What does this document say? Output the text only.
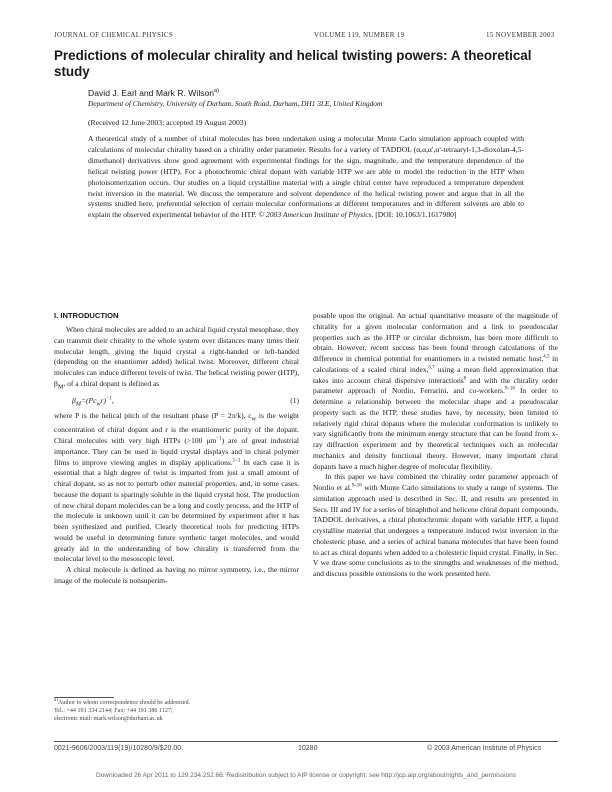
JOURNAL OF CHEMICAL PHYSICS	VOLUME 119, NUMBER 19	15 NOVEMBER 2003
Predictions of molecular chirality and helical twisting powers: A theoretical study
David J. Earl and Mark R. Wilson$^{a)}$
Department of Chemistry, University of Durham, South Road, Durham, DH1 3LE, United Kingdom
(Received 12 June 2003; accepted 19 August 2003)
A theoretical study of a number of chiral molecules has been undertaken using a molecular Monte Carlo simulation approach coupled with calculations of molecular chirality based on a chirality order parameter. Results for a variety of TADDOL (α,α,α′,α′-tetraaryl-1,3-dioxolan-4,5-dimethanol) derivatives show good agreement with experimental findings for the sign, magnitude, and the temperature dependence of the helical twisting power (HTP). For a photochromic chiral dopant with variable HTP we are able to model the reduction in the HTP when photoisomerization occurs. Our studies on a liquid crystalline material with a single chiral center have reproduced a temperature dependent twist inversion in the material. We discuss the temperature and solvent dependence of the helical twisting power and argue that in all the systems studied here, preferential selection of certain molecular conformations at different temperatures and in different solvents are able to explain the observed experimental behavior of the HTP. © 2003 American Institute of Physics. [DOI: 10.1063/1.1617980]
I. INTRODUCTION

When chiral molecules are added to an achiral liquid crystal mesophase, they can transmit their chirality to the whole system over distances many times their molecular length, giving the liquid crystal a right-handed or left-handed (depending on the enantiomer added) helical twist. Moreover, different chiral molecules can induce different levels of twist. The helical twisting power (HTP), $\beta_M$, of a chiral dopant is defined as

$\beta_M=(Pc_wr)^{-1}$,	(1)

where P is the helical pitch of the resultant phase (P = 2π/k), $c_w$ is the weight concentration of chiral dopant and r is the enantiomeric purity of the dopant. Chiral molecules with very high HTPs (>100 $\mu m^{-1}$) are of great industrial importance. They can be used in liquid crystal displays and in chiral polymer films to improve viewing angles in display applications.$^{1-3}$ In each case it is essential that a high degree of twist is imparted from just a small amount of chiral dopant, so as not to perturb other material properties, and, in some cases, because the dopant is sparingly soluble in the liquid crystal host. The production of new chiral dopant molecules can be a long and costly process, and the HTP of the molecule is unknown until it can be determined by experiment after it has been synthesized and purified. Clearly theoretical tools for predicting HTPs would be useful in determining future synthetic target molecules, and would greatly aid in the understanding of how chirality is transferred from the molecular level to the mesoscopic level.

A chiral molecule is defined as having no mirror symmetry, i.e., the mirror image of the molecule is nonsuperim-

posable upon the original. An actual quantitative measure of the magnitude of chirality for a given molecular conformation and a link to pseudoscalar properties such as the HTP or circular dichroism, has been more difficult to obtain. However, recent success has been found through calculations of the difference in chemical potential for enantiomers in a twisted nematic host,$^{4,5}$ in calculations of a scaled chiral index,$^{6,7}$ using a mean field approximation that takes into account chiral dispersive interactions$^8$ and with the chirality order parameter approach of Nordio, Ferrarini, and co-workers.$^{9-16}$ In order to determine a relationship between the molecular shape and a pseudoscalar property such as the HTP, these studies have, by necessity, been limited to relatively rigid chiral dopants where the molecular conformation is unlikely to vary significantly from the minimum energy structure that can be found from x-ray diffraction experiment and by theoretical techniques such as molecular mechanics and density functional theory. However, many important chiral dopants have a much higher degree of molecular flexibility.

In this paper we have combined the chirality order parameter approach of Nordio et al.$^{9-16}$ with Monte Carlo simulations to study a range of systems. The simulation approach used is described in Sec. II, and results are presented in Secs. III and IV for a series of binaphthol and helicene chiral dopant compounds, TADDOL derivatives, a chiral photochromic dopant with variable HTP, a liquid crystalline material that undergoes a temperature induced twist inversion in the cholesteric phase, and a series of achiral banana molecules that have been found to act as chiral dopants when added to a cholesteric liquid crystal. Finally, in Sec. V we draw some conclusions as to the strengths and weaknesses of the method, and discuss possible extensions to the work presented here.

$^{a)}$Author to whom correspondence should be addressed.
Tel.: +44 191 334 2144; Fax: +44 191 386 1127;
electronic mail: mark.wilson@durham.ac.uk
0021-9606/2003/119(19)/10280/9/$20.00	10280	© 2003 American Institute of Physics
Downloaded 26 Apr 2011 to 129.234.252.66. Redistribution subject to AIP license or copyright; see http://jcp.aip.org/about/rights_and_permissions
